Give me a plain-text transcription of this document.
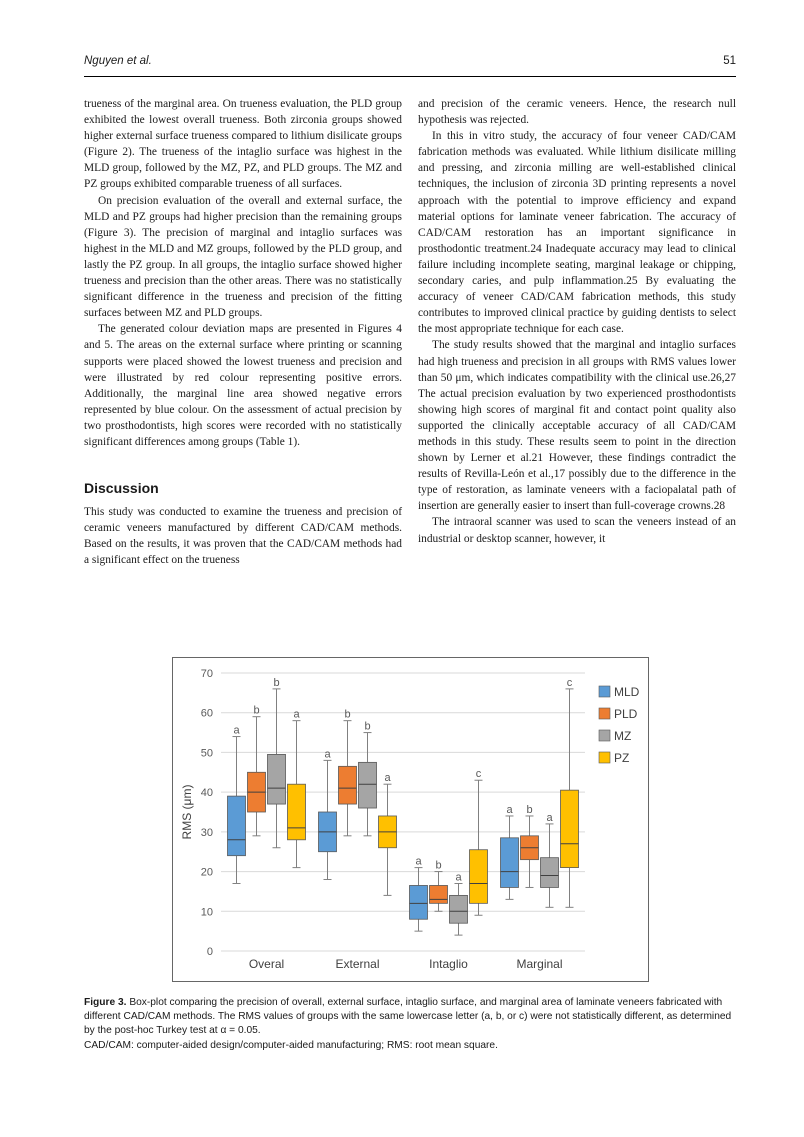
Nguyen et al.	51

trueness of the marginal area. On trueness evaluation, the PLD group exhibited the lowest overall trueness. Both zirconia groups showed higher external surface trueness compared to lithium disilicate groups (Figure 2). The trueness of the intaglio surface was highest in the MLD group, followed by the MZ, PZ, and PLD groups. The MZ and PZ groups exhibited comparable trueness of all surfaces.

On precision evaluation of the overall and external surface, the MLD and PZ groups had higher precision than the remaining groups (Figure 3). The precision of marginal and intaglio surfaces was highest in the MLD and MZ groups, followed by the PLD group, and lastly the PZ group. In all groups, the intaglio surface showed higher trueness and precision than the other areas. There was no statistically significant difference in the trueness and precision of the fitting surfaces between MZ and PLD groups.

The generated colour deviation maps are presented in Figures 4 and 5. The areas on the external surface where printing or scanning supports were placed showed the lowest trueness and precision and were illustrated by red colour representing positive errors. Additionally, the marginal line area showed negative errors represented by blue colour. On the assessment of actual precision by two prosthodontists, high scores were recorded with no statistically significant differences among groups (Table 1).

Discussion

This study was conducted to examine the trueness and precision of ceramic veneers manufactured by different CAD/CAM methods. Based on the results, it was proven that the CAD/CAM methods had a significant effect on the trueness

and precision of the ceramic veneers. Hence, the research null hypothesis was rejected.

In this in vitro study, the accuracy of four veneer CAD/CAM fabrication methods was evaluated. While lithium disilicate milling and pressing, and zirconia milling are well-established clinical techniques, the inclusion of zirconia 3D printing represents a novel approach with the potential to improve efficiency and expand material options for laminate veneer fabrication. The accuracy of CAD/CAM restoration has an important significance in prosthodontic treatment.24 Inadequate accuracy may lead to clinical failure including incomplete seating, marginal leakage or chipping, secondary caries, and pulp inflammation.25 By evaluating the accuracy of veneer CAD/CAM fabrication methods, this study contributes to improved clinical practice by guiding dentists to select the most appropriate technique for each case.

The study results showed that the marginal and intaglio surfaces had high trueness and precision in all groups with RMS values lower than 50 μm, which indicates compatibility with the clinical use.26,27 The actual precision evaluation by two experienced prosthodontists showing high scores of marginal fit and contact point quality also supported the clinically acceptable accuracy of all CAD/CAM methods in this study. These results seem to point in the direction shown by Lerner et al.21 However, these findings contradict the results of Revilla-León et al.,17 possibly due to the difference in the type of restoration, as laminate veneers with a faciopalatal path of insertion are generally easier to insert than full-coverage crowns.28

The intraoral scanner was used to scan the veneers instead of an industrial or desktop scanner, however, it

0
10
20
30
40
50
60
70
RMS (μm)
Overal	External	Intaglio	Marginal
a
b
b
a
a
b
b
a
a b
a
c
a b
a
c
MLD
PLD
MZ
PZ

Figure 3. Box-plot comparing the precision of overall, external surface, intaglio surface, and marginal area of laminate veneers fabricated with different CAD/CAM methods. The RMS values of groups with the same lowercase letter (a, b, or c) were not statistically different, as determined by the post-hoc Turkey test at α = 0.05.

CAD/CAM: computer-aided design/computer-aided manufacturing; RMS: root mean square.
